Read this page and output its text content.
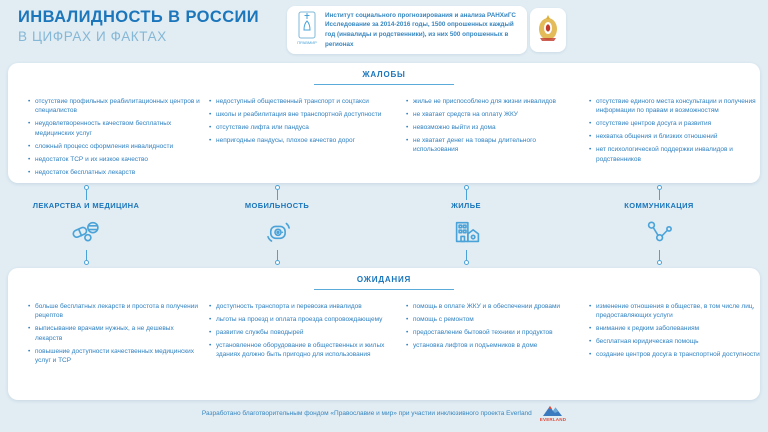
ИНВАЛИДНОСТЬ В РОССИИ
В ЦИФРАХ И ФАКТАХ	ПРАВМИР
Институт социального прогнозирования и анализа РАНХиГС Исследование за 2014-2016 годы, 1500 опрошенных каждый год (инвалиды и родственники), из них 500 опрошенных в регионах
ЖАЛОБЫ
• отсутствие профильных реабилитационных центров и специалистов
• неудовлетворенность качеством бесплатных медицинских услуг
• сложный процесс оформления инвалидности
• недостаток ТСР и их низкое качество
• недостаток бесплатных лекарств
• недоступный общественный транспорт и соцтакси
• школы и реабилитация вне транспортной доступности
• отсутствие лифта или пандуса
• непригодные пандусы, плохое качество дорог
• жилье не приспособлено для жизни инвалидов
• не хватает средств на оплату ЖКУ
• невозможно выйти из дома
• не хватает денег на товары длительного использования
• отсутствие единого места консультации и получения информации по правам и возможностям
• отсутствие центров досуга и развития
• нехватка общения и близких отношений
• нет психологической поддержки инвалидов и родственников
ЛЕКАРСТВА И МЕДИЦИНА	МОБИЛЬНОСТЬ	ЖИЛЬЕ	КОММУНИКАЦИЯ
ОЖИДАНИЯ
• больше бесплатных лекарств и простота в получении рецептов
• выписывание врачами нужных, а не дешевых лекарств
• повышение доступности качественных медицинских услуг и ТСР
• доступность транспорта и перевозка инвалидов
• льготы на проезд и оплата проезда сопровождающему
• развитие службы поводырей
• установленное оборудование в общественных и жилых зданиях должно быть пригодно для использования
• помощь в оплате ЖКУ и в обеспечении дровами
• помощь с ремонтом
• предоставление бытовой техники и продуктов
• установка лифтов и подъемников в доме
• изменение отношения в обществе, в том числе лиц, предоставляющих услуги
• внимание к редким заболеваниям
• бесплатная юридическая помощь
• создание центров досуга в транспортной доступности
Разработано благотворительным фондом «Православие и мир» при участии инклюзивного проекта Everland
EVERLAND
